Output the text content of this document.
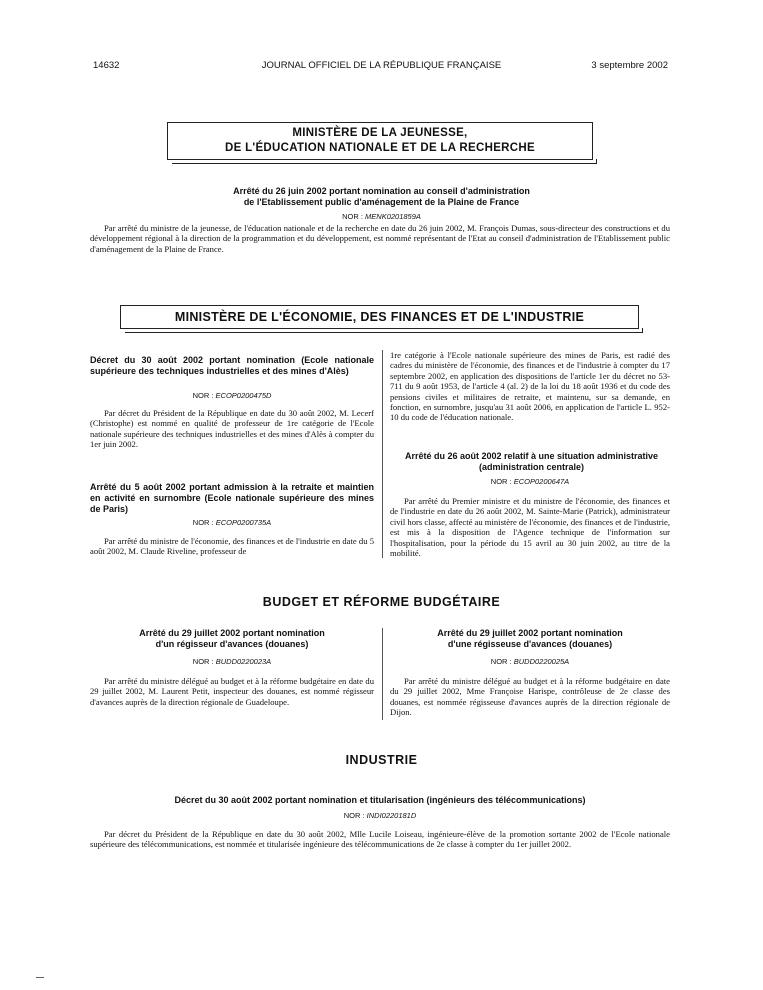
14632	JOURNAL OFFICIEL DE LA RÉPUBLIQUE FRANÇAISE	3 septembre 2002
MINISTÈRE DE LA JEUNESSE,
DE L'ÉDUCATION NATIONALE ET DE LA RECHERCHE
Arrêté du 26 juin 2002 portant nomination au conseil d'administration
de l'Etablissement public d'aménagement de la Plaine de France
NOR : MENK0201859A
Par arrêté du ministre de la jeunesse, de l'éducation nationale et de la recherche en date du 26 juin 2002, M. François Dumas, sous-directeur des constructions et du développement régional à la direction de la programmation et du développement, est nommé représentant de l'Etat au conseil d'administration de l'Etablissement public d'aménagement de la Plaine de France.
MINISTÈRE DE L'ÉCONOMIE, DES FINANCES ET DE L'INDUSTRIE
Décret du 30 août 2002 portant nomination (Ecole nationale supérieure des techniques industrielles et des mines d'Alès)
NOR : ECOP0200475D
Par décret du Président de la République en date du 30 août 2002, M. Lecerf (Christophe) est nommé en qualité de professeur de 1re catégorie de l'Ecole nationale supérieure des techniques industrielles et des mines d'Alès à compter du 1er juin 2002.
Arrêté du 5 août 2002 portant admission à la retraite et maintien en activité en surnombre (Ecole nationale supérieure des mines de Paris)
NOR : ECOP0200735A
Par arrêté du ministre de l'économie, des finances et de l'industrie en date du 5 août 2002, M. Claude Riveline, professeur de
1re catégorie à l'Ecole nationale supérieure des mines de Paris, est radié des cadres du ministère de l'économie, des finances et de l'industrie à compter du 17 septembre 2002, en application des dispositions de l'article 1er du décret no 53-711 du 9 août 1953, de l'article 4 (al. 2) de la loi du 18 août 1936 et du code des pensions civiles et militaires de retraite, et maintenu, sur sa demande, en fonction, en surnombre, jusqu'au 31 août 2006, en application de l'article L. 952-10 du code de l'éducation nationale.
Arrêté du 26 août 2002 relatif à une situation administrative (administration centrale)
NOR : ECOP0200647A
Par arrêté du Premier ministre et du ministre de l'économie, des finances et de l'industrie en date du 26 août 2002, M. Sainte-Marie (Patrick), administrateur civil hors classe, affecté au ministère de l'économie, des finances et de l'industrie, est mis à la disposition de l'Agence technique de l'information sur l'hospitalisation, pour la période du 15 avril au 30 juin 2002, au titre de la mobilité.
BUDGET ET RÉFORME BUDGÉTAIRE
Arrêté du 29 juillet 2002 portant nomination
d'un régisseur d'avances (douanes)
NOR : BUDD0220023A
Par arrêté du ministre délégué au budget et à la réforme budgétaire en date du 29 juillet 2002, M. Laurent Petit, inspecteur des douanes, est nommé régisseur d'avances auprès de la direction régionale de Guadeloupe.
Arrêté du 29 juillet 2002 portant nomination
d'une régisseuse d'avances (douanes)
NOR : BUDD0220025A
Par arrêté du ministre délégué au budget et à la réforme budgétaire en date du 29 juillet 2002, Mme Françoise Harispe, contrôleuse de 2e classe des douanes, est nommée régisseuse d'avances auprès de la direction régionale de Dijon.
INDUSTRIE
Décret du 30 août 2002 portant nomination et titularisation (ingénieurs des télécommunications)
NOR : INDI0220181D
Par décret du Président de la République en date du 30 août 2002, Mlle Lucile Loiseau, ingénieure-élève de la promotion sortante 2002 de l'Ecole nationale supérieure des télécommunications, est nommée et titularisée ingénieure des télécommunications de 2e classe à compter du 1er juillet 2002.
